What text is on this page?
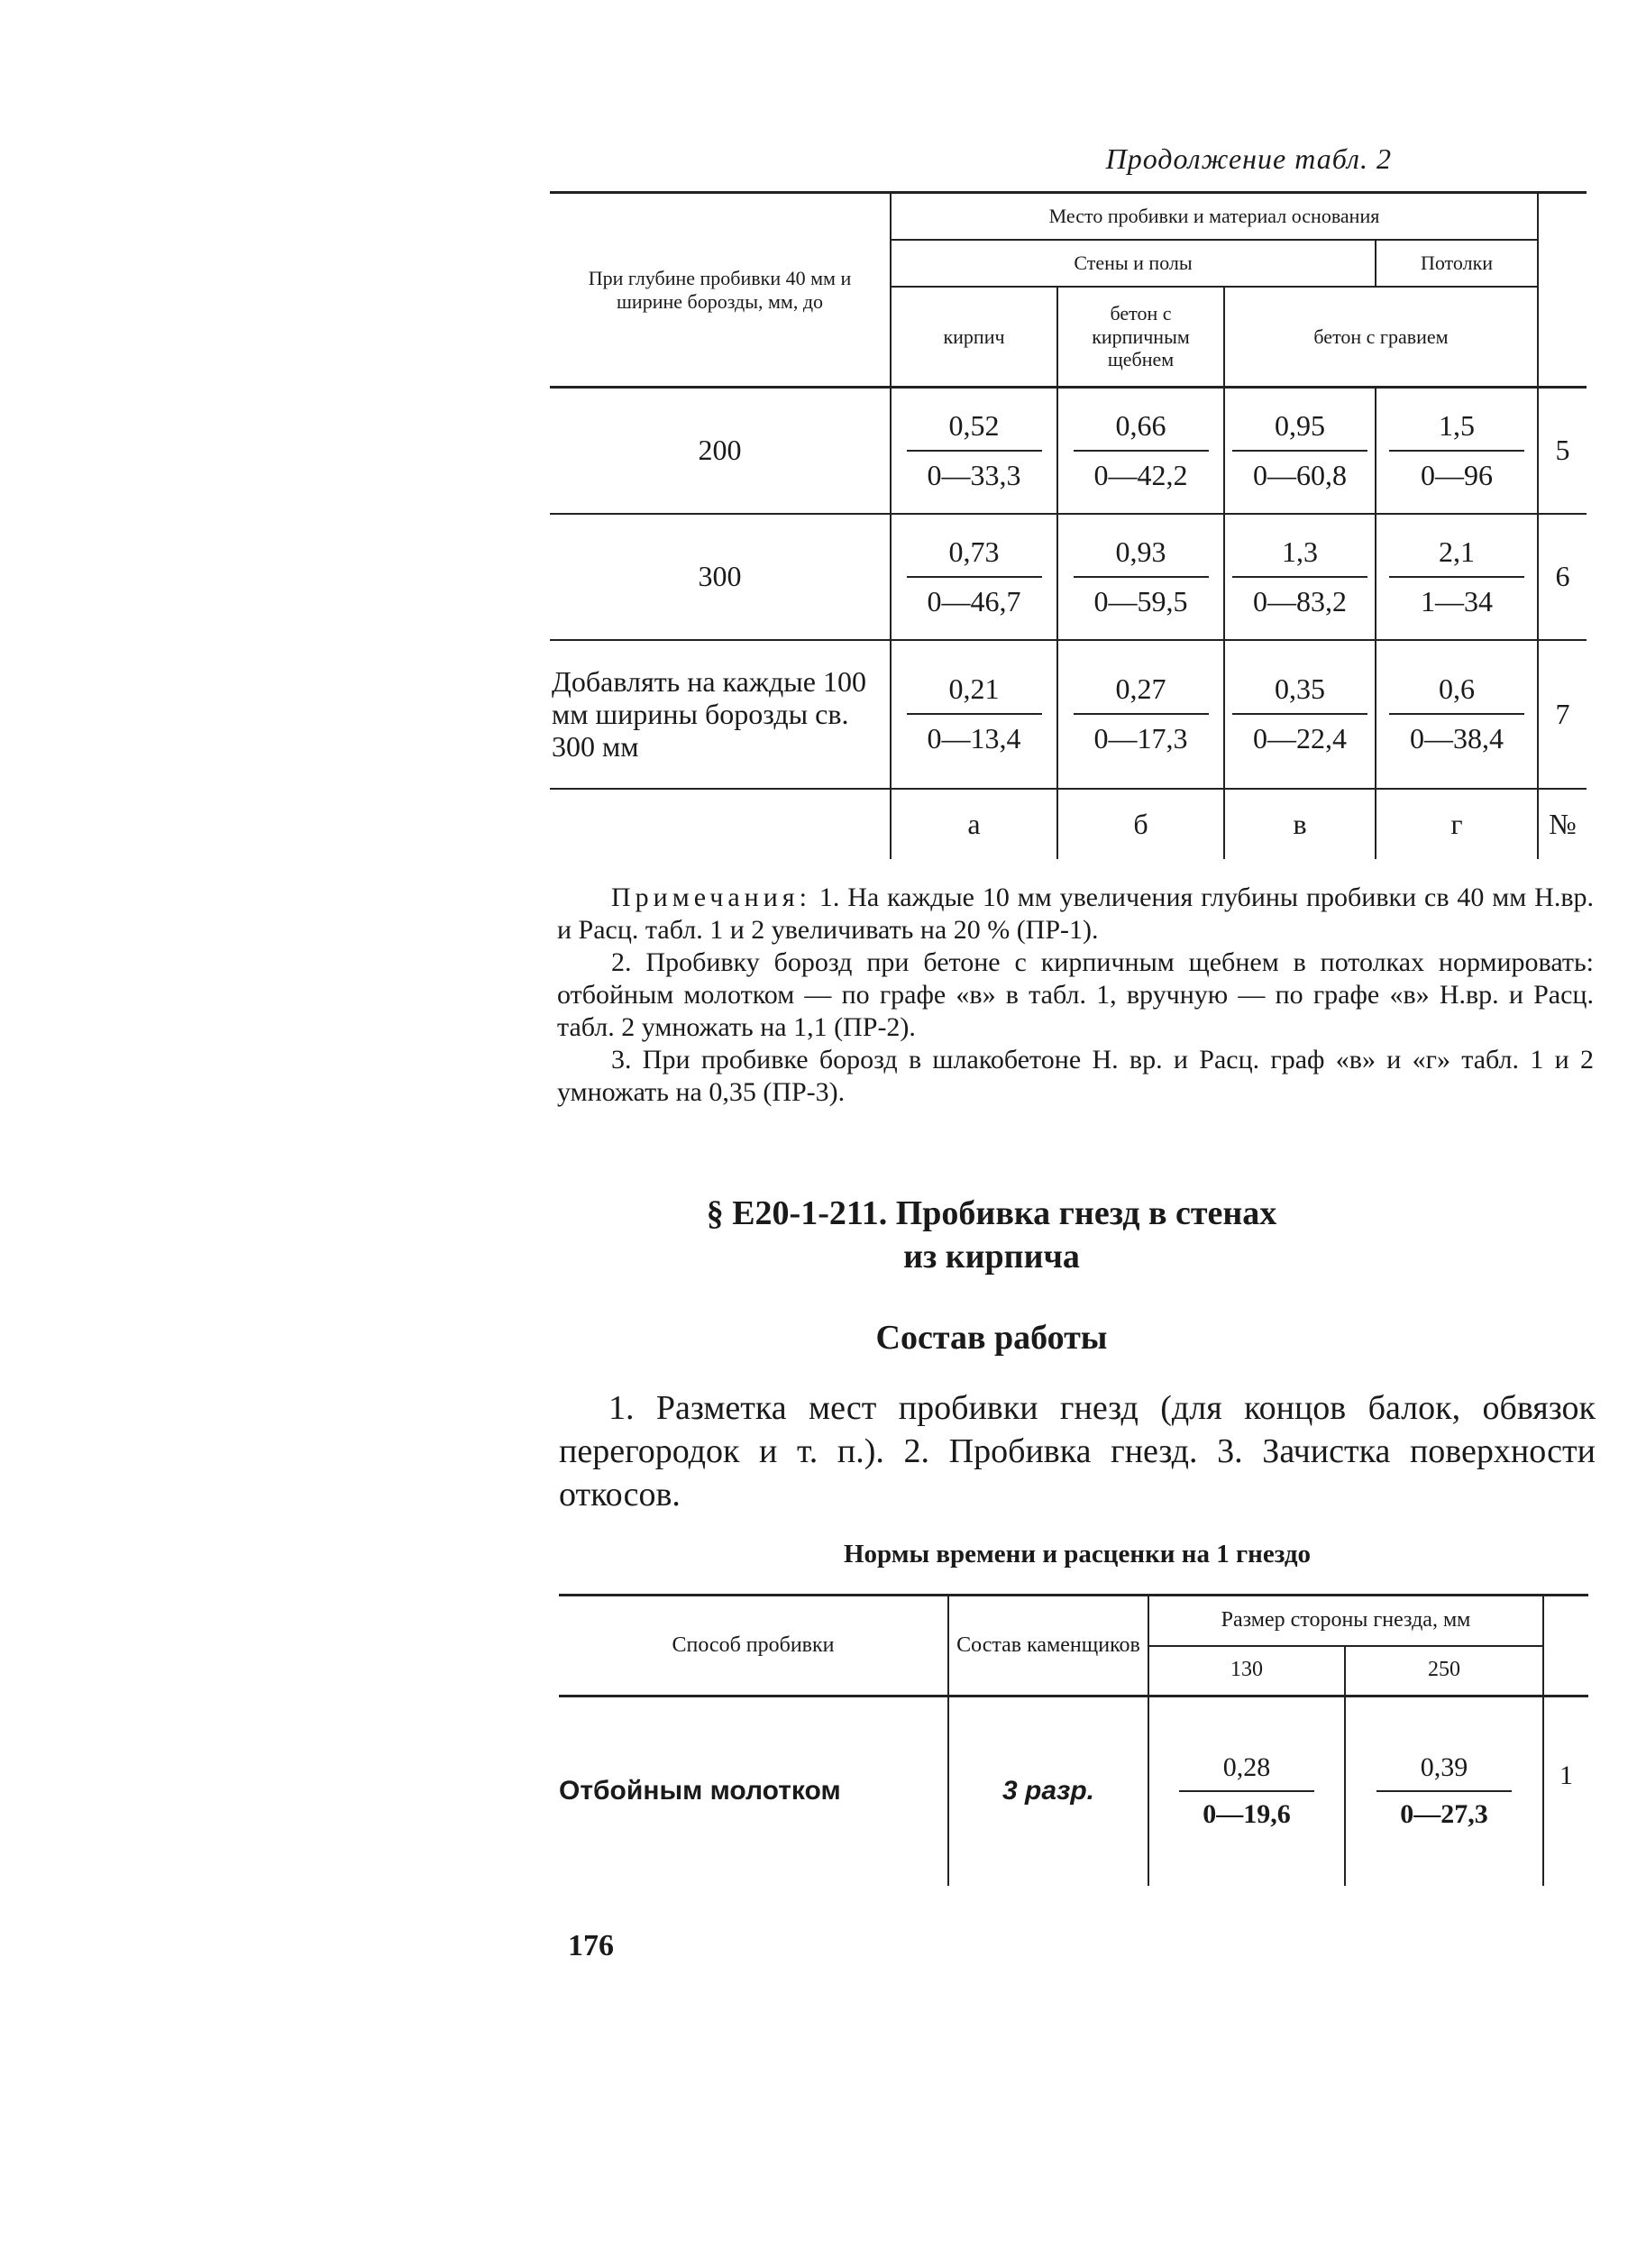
Продолжение табл. 2
При глубине пробивки 40 мм и ширине борозды, мм, до	Место пробивки и материал основания				
	Стены и полы			Потолки	
	кирпич	бетон с кирпичным щебнем	бетон с гравием		
200	$\frac{0,52}{0—33,3}$	$\frac{0,66}{0—42,2}$	$\frac{0,95}{0—60,8}$	$\frac{1,5}{0—96}$	5
300	$\frac{0,73}{0—46,7}$	$\frac{0,93}{0—59,5}$	$\frac{1,3}{0—83,2}$	$\frac{2,1}{1—34}$	6
Добавлять на каждые 100 мм ширины борозды св. 300 мм	$\frac{0,21}{0—13,4}$	$\frac{0,27}{0—17,3}$	$\frac{0,35}{0—22,4}$	$\frac{0,6}{0—38,4}$	7
	а	б	в	г	№

Примечания: 1. На каждые 10 мм увеличения глубины пробивки св 40 мм Н.вр. и Расц. табл. 1 и 2 увеличивать на 20 % (ПР-1).

2. Пробивку борозд при бетоне с кирпичным щебнем в потолках нормировать: отбойным молотком — по графе «в» в табл. 1, вручную — по графе «в» Н.вр. и Расц. табл. 2 умножать на 1,1 (ПР-2).

3. При пробивке борозд в шлакобетоне Н. вр. и Расц. граф «в» и «г» табл. 1 и 2 умножать на 0,35 (ПР-3).

§ Е20-1-211. Пробивка гнезд в стенах
из кирпича
Состав работы

1. Разметка мест пробивки гнезд (для концов балок, обвязок перегородок и т. п.). 2. Пробивка гнезд. 3. Зачистка поверхности откосов.

Нормы времени и расценки на 1 гнездо
Способ пробивки	Состав каменщиков	Размер стороны гнезда, мм		
		130	250	
Отбойным молотком	3 разр.	$\frac{0,28}{0—19,6}$	$\frac{0,39}{0—27,3}$	1
176
